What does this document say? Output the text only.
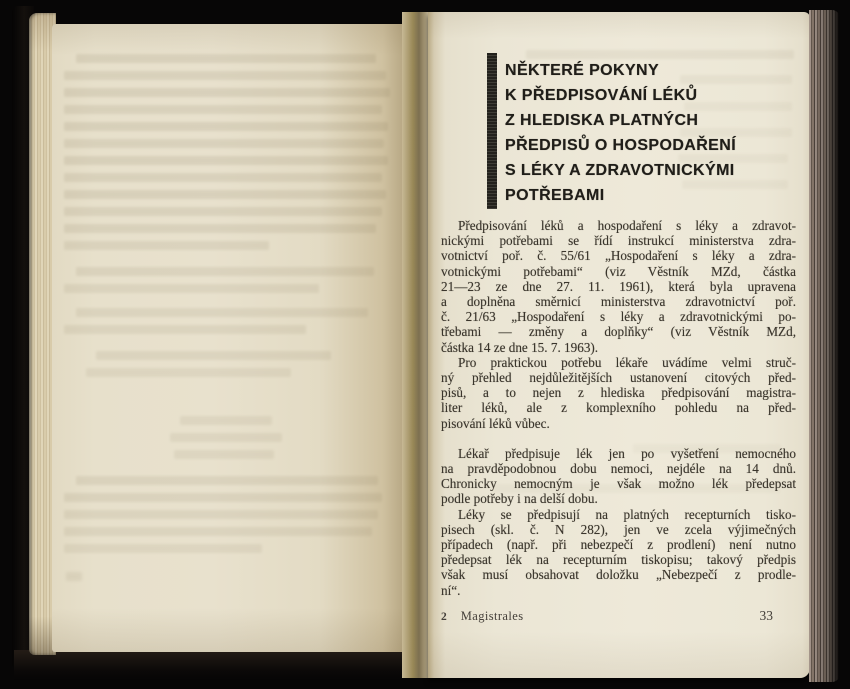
NĚKTERÉ POKYNY
K PŘEDPISOVÁNÍ LÉKŮ
Z HLEDISKA PLATNÝCH
PŘEDPISŮ O HOSPODAŘENÍ
S LÉKY A ZDRAVOTNICKÝMI
POTŘEBAMI
Předpisování léků a hospodaření s léky a zdravot-
nickými potřebami se řídí instrukcí ministerstva zdra-
votnictví poř. č. 55/61 „Hospodaření s léky a zdra-
votnickými potřebami“ (viz Věstník MZd, částka
21—23 ze dne 27. 11. 1961), která byla upravena
a doplněna směrnicí ministerstva zdravotnictví poř.
č. 21/63 „Hospodaření s léky a zdravotnickými po-
třebami — změny a doplňky“ (viz Věstník MZd,
částka 14 ze dne 15. 7. 1963).
Pro praktickou potřebu lékaře uvádíme velmi struč-
ný přehled nejdůležitějších ustanovení citových před-
pisů, a to nejen z hlediska předpisování magistra-
liter léků, ale z komplexního pohledu na před-
pisování léků vůbec.
Lékař předpisuje lék jen po vyšetření nemocného
na pravděpodobnou dobu nemoci, nejdéle na 14 dnů.
Chronicky nemocným je však možno lék předepsat
podle potřeby i na delší dobu.
Léky se předpisují na platných recepturních tisko-
pisech (skl. č. N 282), jen ve zcela výjimečných
případech (např. při nebezpečí z prodlení) není nutno
předepsat lék na recepturním tiskopisu; takový předpis
však musí obsahovat doložku „Nebezpečí z prodle-
ní“.
2 Magistrales	33
